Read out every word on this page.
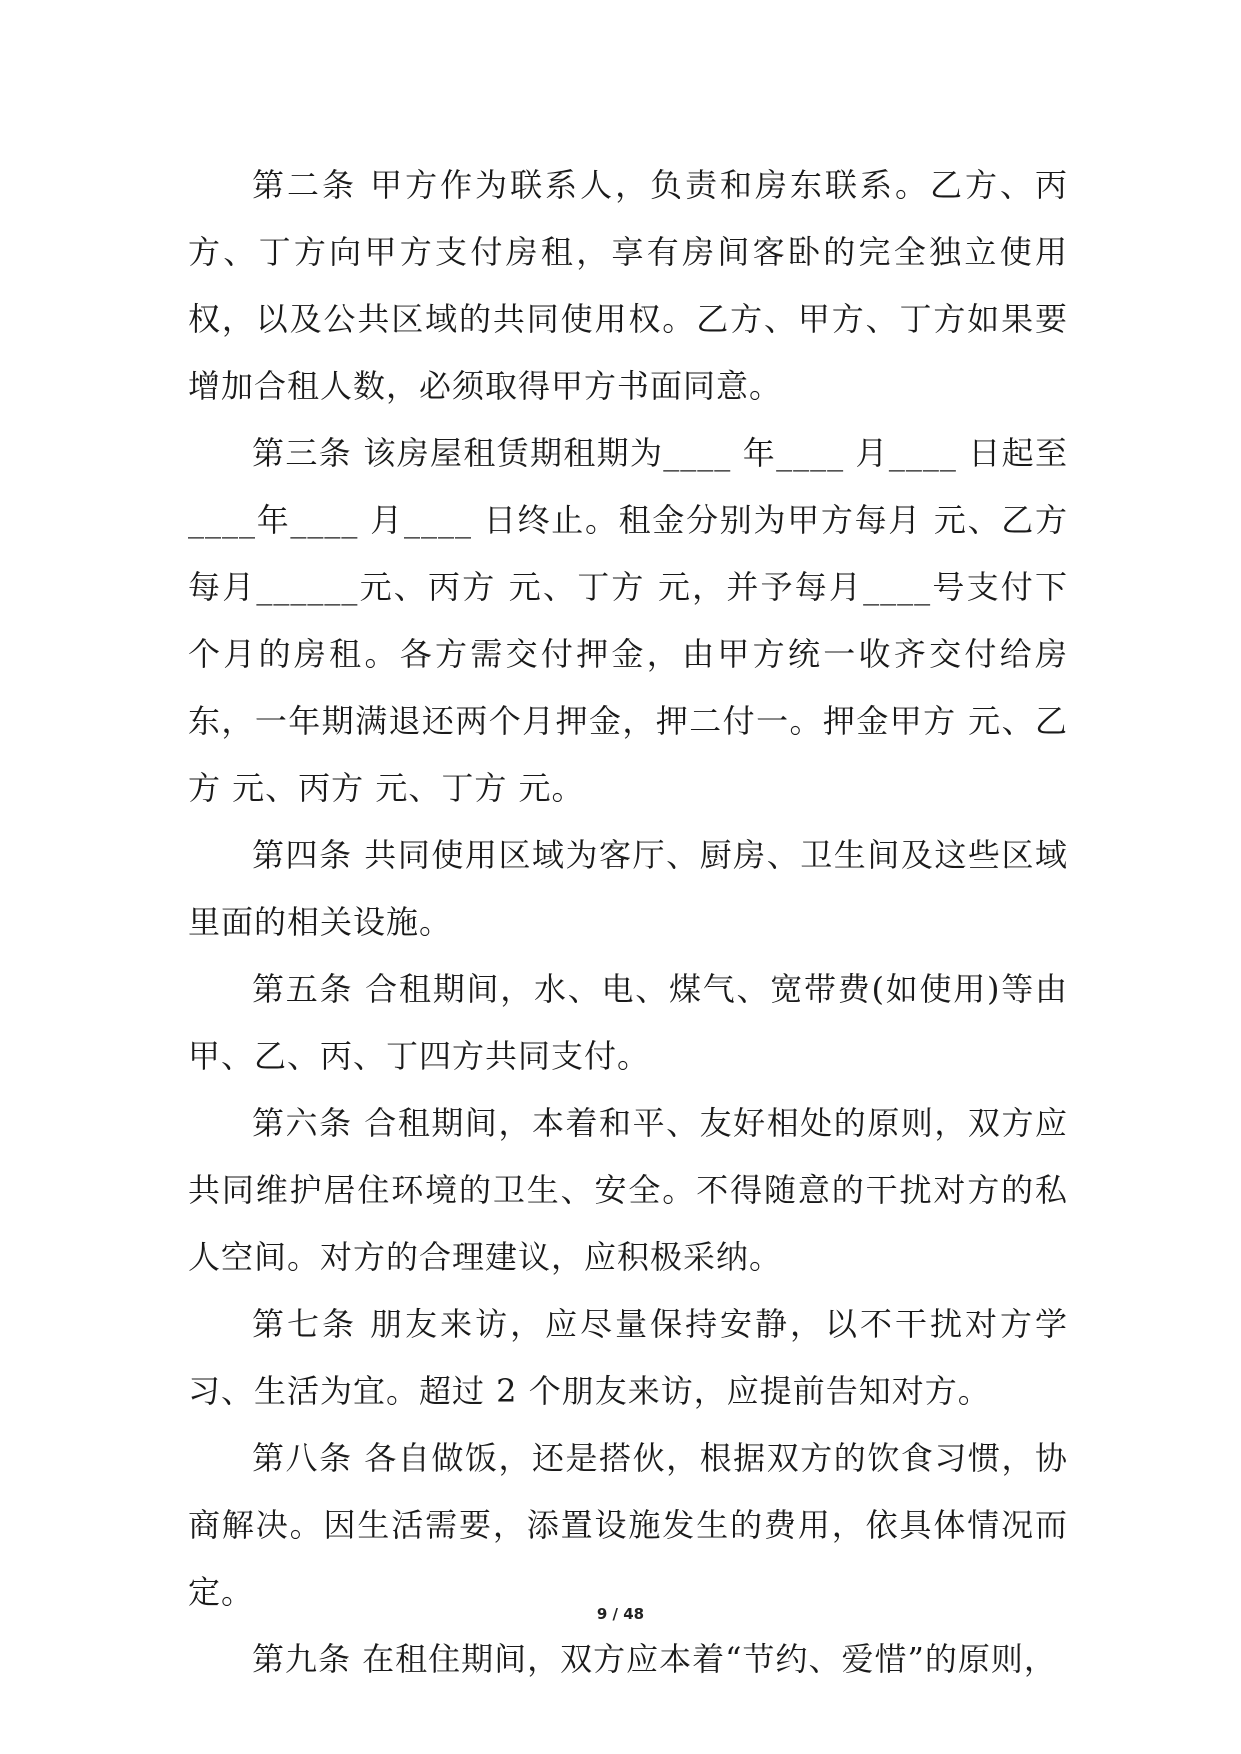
第二条 甲方作为联系人，负责和房东联系。乙方、丙方、丁方向甲方支付房租，享有房间客卧的完全独立使用权，以及公共区域的共同使用权。乙方、甲方、丁方如果要增加合租人数，必须取得甲方书面同意。

第三条 该房屋租赁期租期为____ 年____ 月____ 日起至____年____ 月____ 日终止。租金分别为甲方每月 元、乙方每月______元、丙方 元、丁方 元，并予每月____号支付下个月的房租。各方需交付押金，由甲方统一收齐交付给房东，一年期满退还两个月押金，押二付一。押金甲方 元、乙方 元、丙方 元、丁方 元。

第四条 共同使用区域为客厅、厨房、卫生间及这些区域里面的相关设施。

第五条 合租期间，水、电、煤气、宽带费(如使用)等由甲、乙、丙、丁四方共同支付。

第六条 合租期间，本着和平、友好相处的原则，双方应共同维护居住环境的卫生、安全。不得随意的干扰对方的私人空间。对方的合理建议，应积极采纳。

第七条 朋友来访，应尽量保持安静，以不干扰对方学习、生活为宜。超过 2 个朋友来访，应提前告知对方。

第八条 各自做饭，还是搭伙，根据双方的饮食习惯，协商解决。因生活需要，添置设施发生的费用，依具体情况而定。

第九条 在租住期间，双方应本着“节约、爱惜”的原则，

9 / 48
